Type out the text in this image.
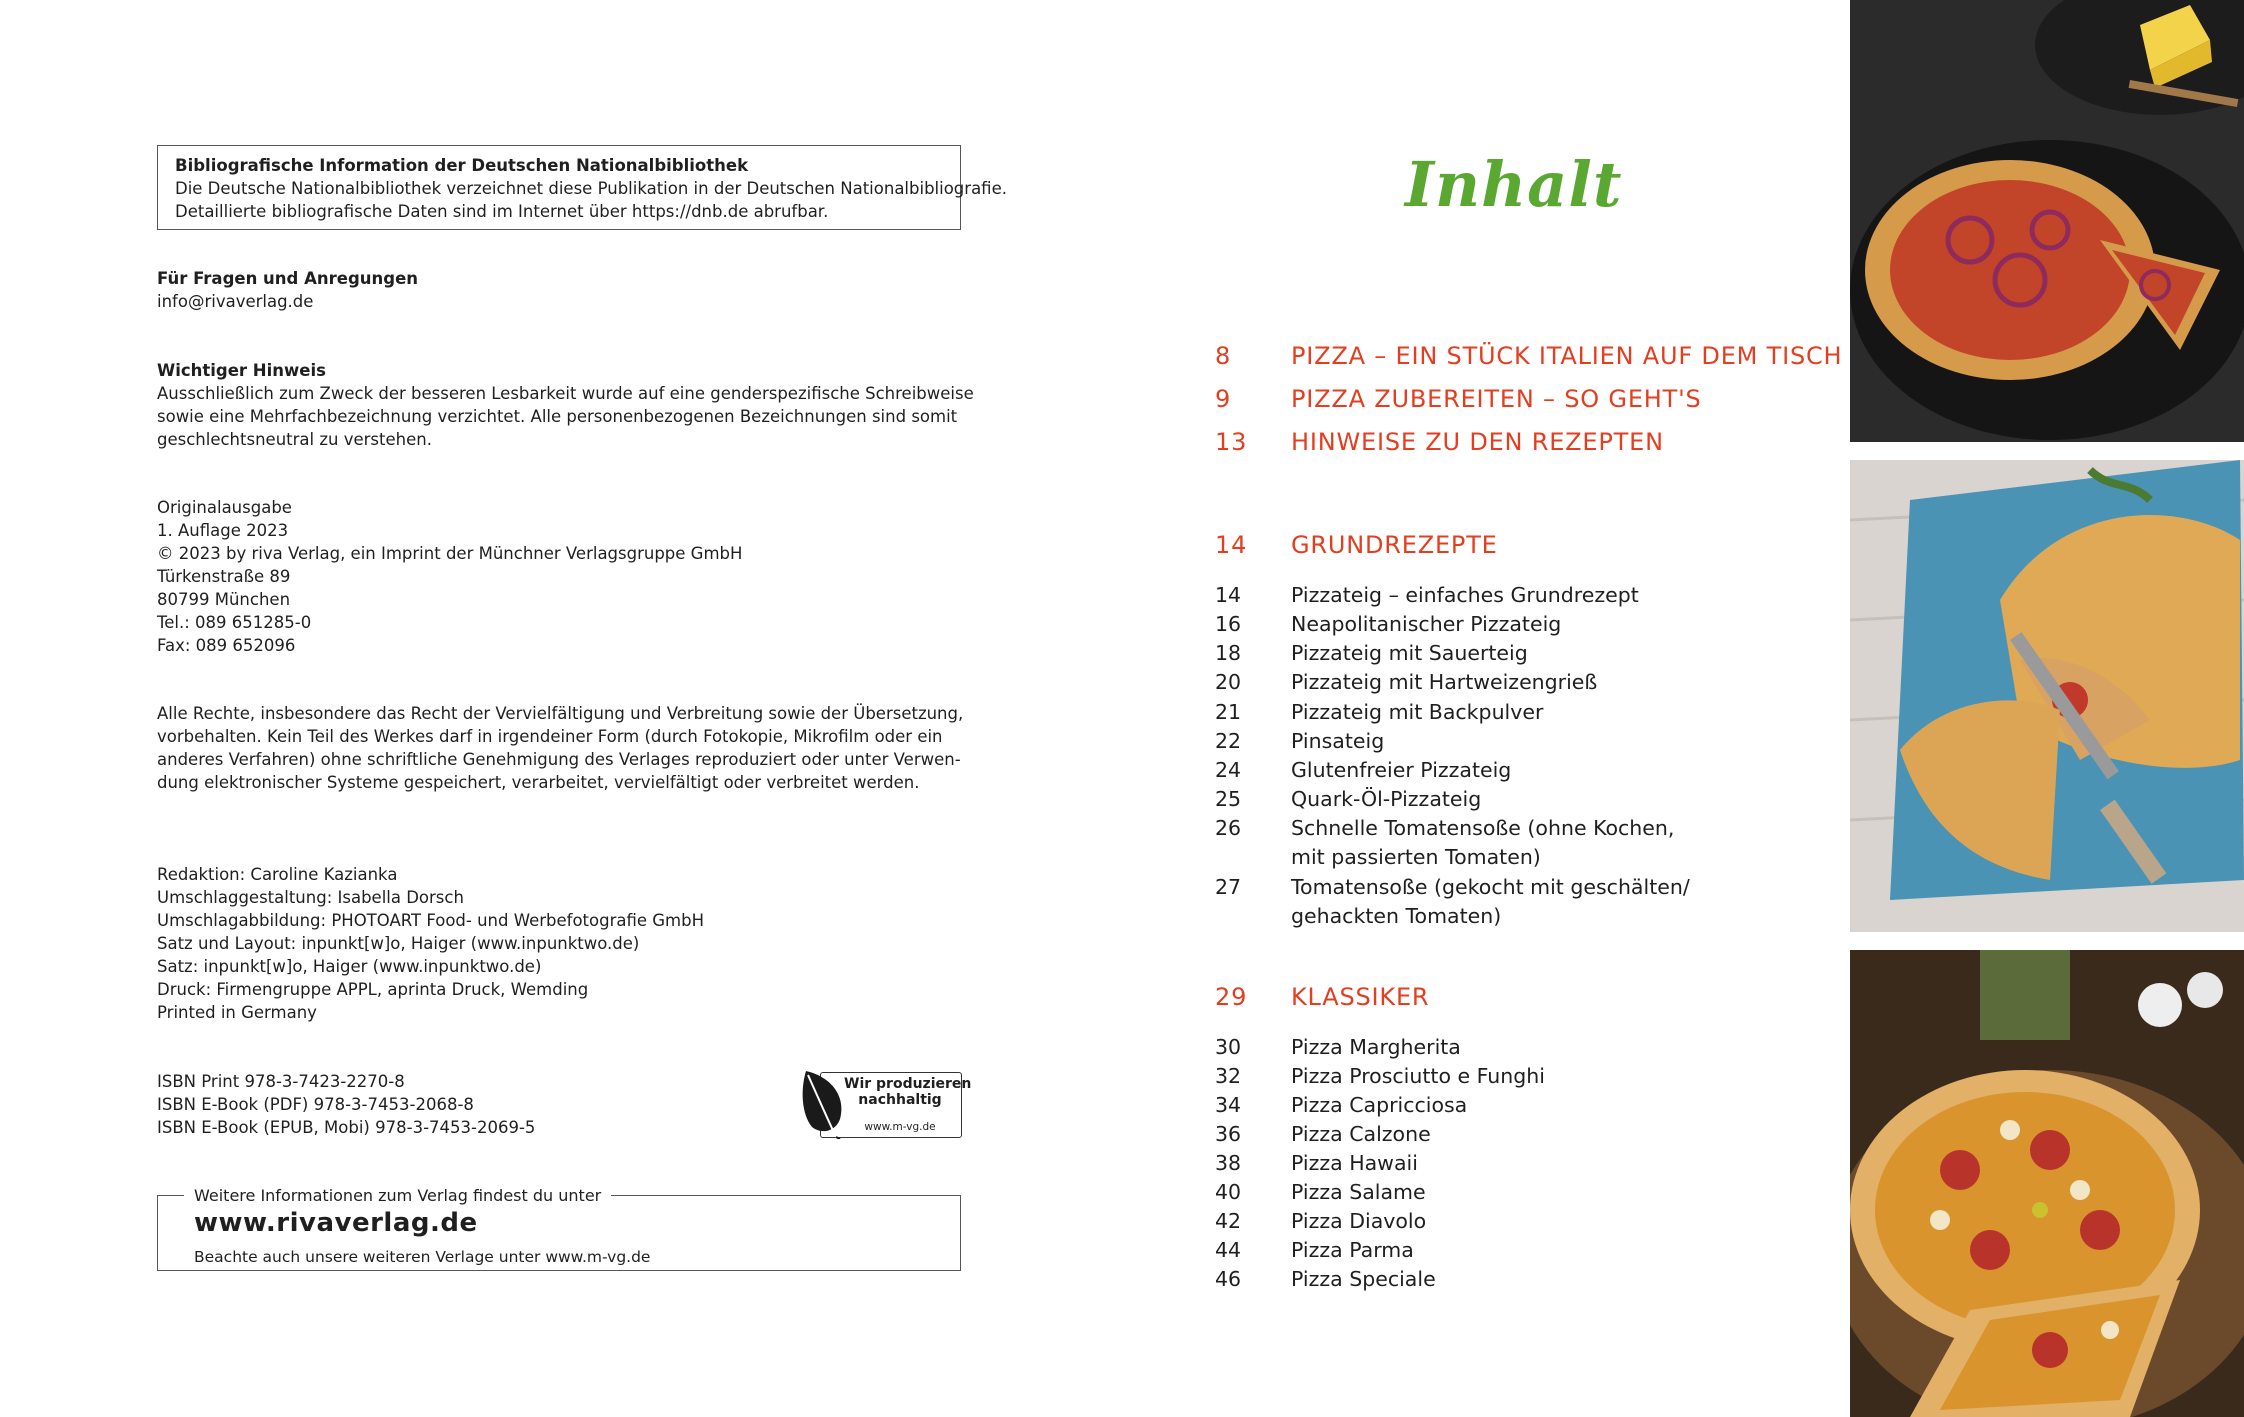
Bibliografische Information der Deutschen Nationalbibliothek
Die Deutsche Nationalbibliothek verzeichnet diese Publikation in der Deutschen Nationalbibliografie.
Detaillierte bibliografische Daten sind im Internet über https://dnb.de abrufbar.
Für Fragen und Anregungen
info@rivaverlag.de
Wichtiger Hinweis
Ausschließlich zum Zweck der besseren Lesbarkeit wurde auf eine genderspezifische Schreibweise
sowie eine Mehrfachbezeichnung verzichtet. Alle personenbezogenen Bezeichnungen sind somit
geschlechtsneutral zu verstehen.
Originalausgabe
1. Auflage 2023
© 2023 by riva Verlag, ein Imprint der Münchner Verlagsgruppe GmbH
Türkenstraße 89
80799 München
Tel.: 089 651285-0
Fax: 089 652096
Alle Rechte, insbesondere das Recht der Vervielfältigung und Verbreitung sowie der Übersetzung,
vorbehalten. Kein Teil des Werkes darf in irgendeiner Form (durch Fotokopie, Mikrofilm oder ein
anderes Verfahren) ohne schriftliche Genehmigung des Verlages reproduziert oder unter Verwen-
dung elektronischer Systeme gespeichert, verarbeitet, vervielfältigt oder verbreitet werden.
Redaktion: Caroline Kazianka
Umschlaggestaltung: Isabella Dorsch
Umschlagabbildung: PHOTOART Food- und Werbefotografie GmbH
Satz und Layout: inpunkt[w]o, Haiger (www.inpunktwo.de)
Satz: inpunkt[w]o, Haiger (www.inpunktwo.de)
Druck: Firmengruppe APPL, aprinta Druck, Wemding
Printed in Germany
ISBN Print 978-3-7423-2270-8
ISBN E-Book (PDF) 978-3-7453-2068-8
ISBN E-Book (EPUB, Mobi) 978-3-7453-2069-5
Wir produzieren
nachhaltig
www.m-vg.de
Weitere Informationen zum Verlag findest du unter
www.rivaverlag.de
Beachte auch unsere weiteren Verlage unter www.m-vg.de
Inhalt
8	PIZZA – EIN STÜCK ITALIEN AUF DEM TISCH
9	PIZZA ZUBEREITEN – SO GEHT'S
13	HINWEISE ZU DEN REZEPTEN
14	GRUNDREZEPTE
14	Pizzateig – einfaches Grundrezept
16	Neapolitanischer Pizzateig
18	Pizzateig mit Sauerteig
20	Pizzateig mit Hartweizengrieß
21	Pizzateig mit Backpulver
22	Pinsateig
24	Glutenfreier Pizzateig
25	Quark-Öl-Pizzateig
26	Schnelle Tomatensoße (ohne Kochen,
mit passierten Tomaten)
27	Tomatensoße (gekocht mit geschälten/
gehackten Tomaten)
29	KLASSIKER
30	Pizza Margherita
32	Pizza Prosciutto e Funghi
34	Pizza Capricciosa
36	Pizza Calzone
38	Pizza Hawaii
40	Pizza Salame
42	Pizza Diavolo
44	Pizza Parma
46	Pizza Speciale
